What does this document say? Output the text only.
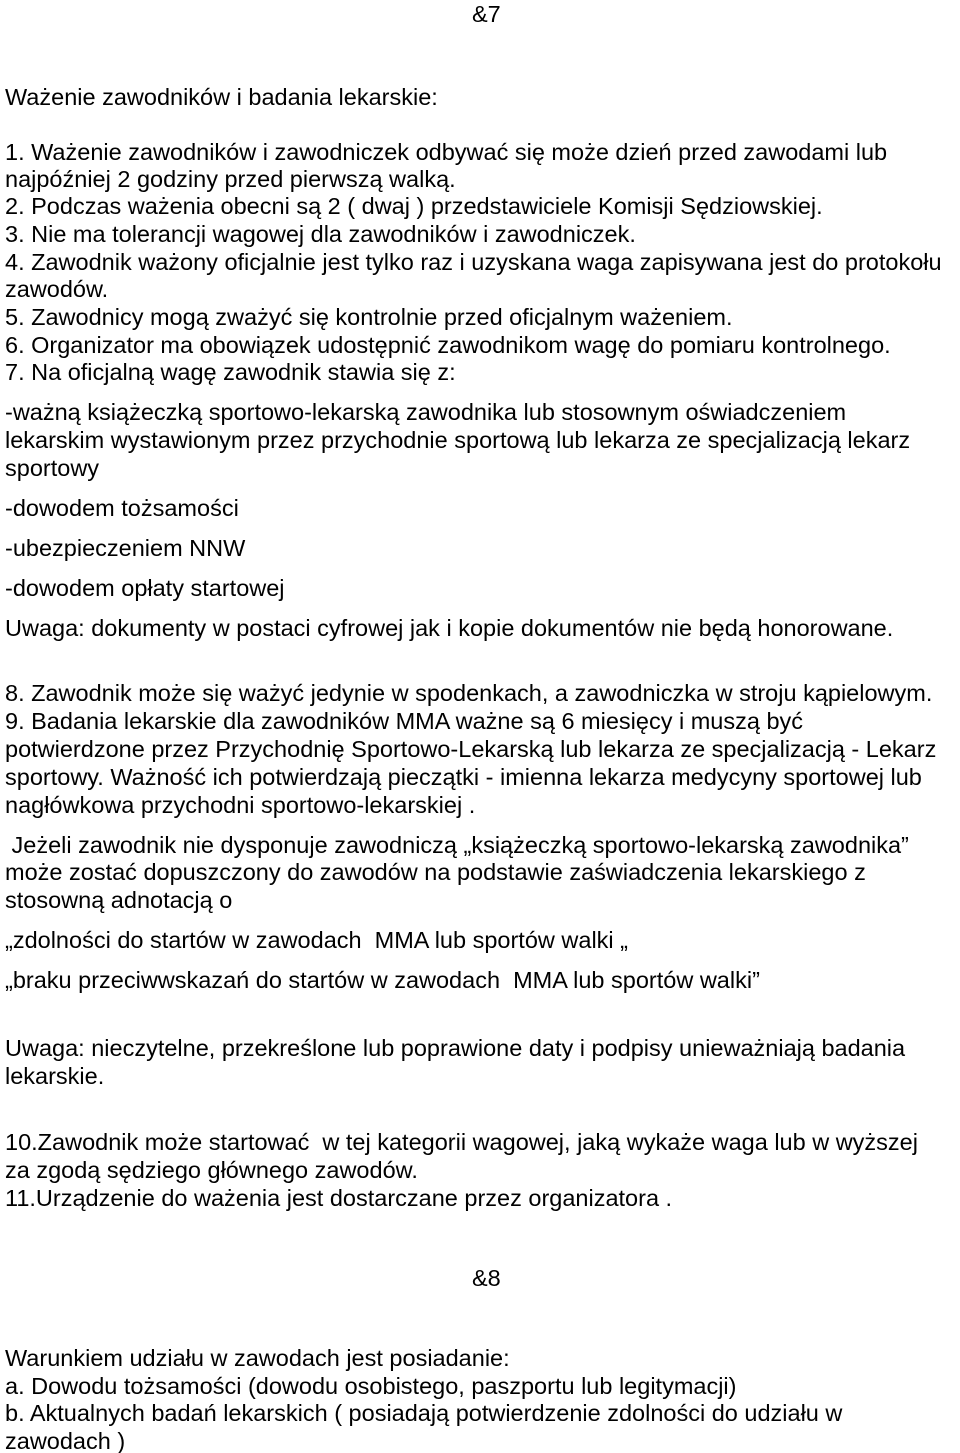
&7

Ważenie zawodników i badania lekarskie:

1. Ważenie zawodników i zawodniczek odbywać się może dzień przed zawodami lub

najpóźniej 2 godziny przed pierwszą walką.

2. Podczas ważenia obecni są 2 ( dwaj ) przedstawiciele Komisji Sędziowskiej.

3. Nie ma tolerancji wagowej dla zawodników i zawodniczek.

4. Zawodnik ważony oficjalnie jest tylko raz i uzyskana waga zapisywana jest do protokołu

zawodów.

5. Zawodnicy mogą zważyć się kontrolnie przed oficjalnym ważeniem.

6. Organizator ma obowiązek udostępnić zawodnikom wagę do pomiaru kontrolnego.

7. Na oficjalną wagę zawodnik stawia się z:

-ważną książeczką sportowo-lekarską zawodnika lub stosownym oświadczeniem

lekarskim wystawionym przez przychodnie sportową lub lekarza ze specjalizacją lekarz

sportowy

-dowodem tożsamości

-ubezpieczeniem NNW

-dowodem opłaty startowej

Uwaga: dokumenty w postaci cyfrowej jak i kopie dokumentów nie będą honorowane.

8. Zawodnik może się ważyć jedynie w spodenkach, a zawodniczka w stroju kąpielowym.

9. Badania lekarskie dla zawodników MMA ważne są 6 miesięcy i muszą być

potwierdzone przez Przychodnię Sportowo-Lekarską lub lekarza ze specjalizacją - Lekarz

sportowy. Ważność ich potwierdzają pieczątki - imienna lekarza medycyny sportowej lub

nagłówkowa przychodni sportowo-lekarskiej .

Jeżeli zawodnik nie dysponuje zawodniczą „książeczką sportowo-lekarską zawodnika”

może zostać dopuszczony do zawodów na podstawie zaświadczenia lekarskiego z

stosowną adnotacją o

„zdolności do startów w zawodach  MMA lub sportów walki „

„braku przeciwwskazań do startów w zawodach  MMA lub sportów walki”

Uwaga: nieczytelne, przekreślone lub poprawione daty i podpisy unieważniają badania

lekarskie.

10.Zawodnik może startować  w tej kategorii wagowej, jaką wykaże waga lub w wyższej

za zgodą sędziego głównego zawodów.

11.Urządzenie do ważenia jest dostarczane przez organizatora .

&8

Warunkiem udziału w zawodach jest posiadanie:

a. Dowodu tożsamości (dowodu osobistego, paszportu lub legitymacji)

b. Aktualnych badań lekarskich ( posiadają potwierdzenie zdolności do udziału w

zawodach )
